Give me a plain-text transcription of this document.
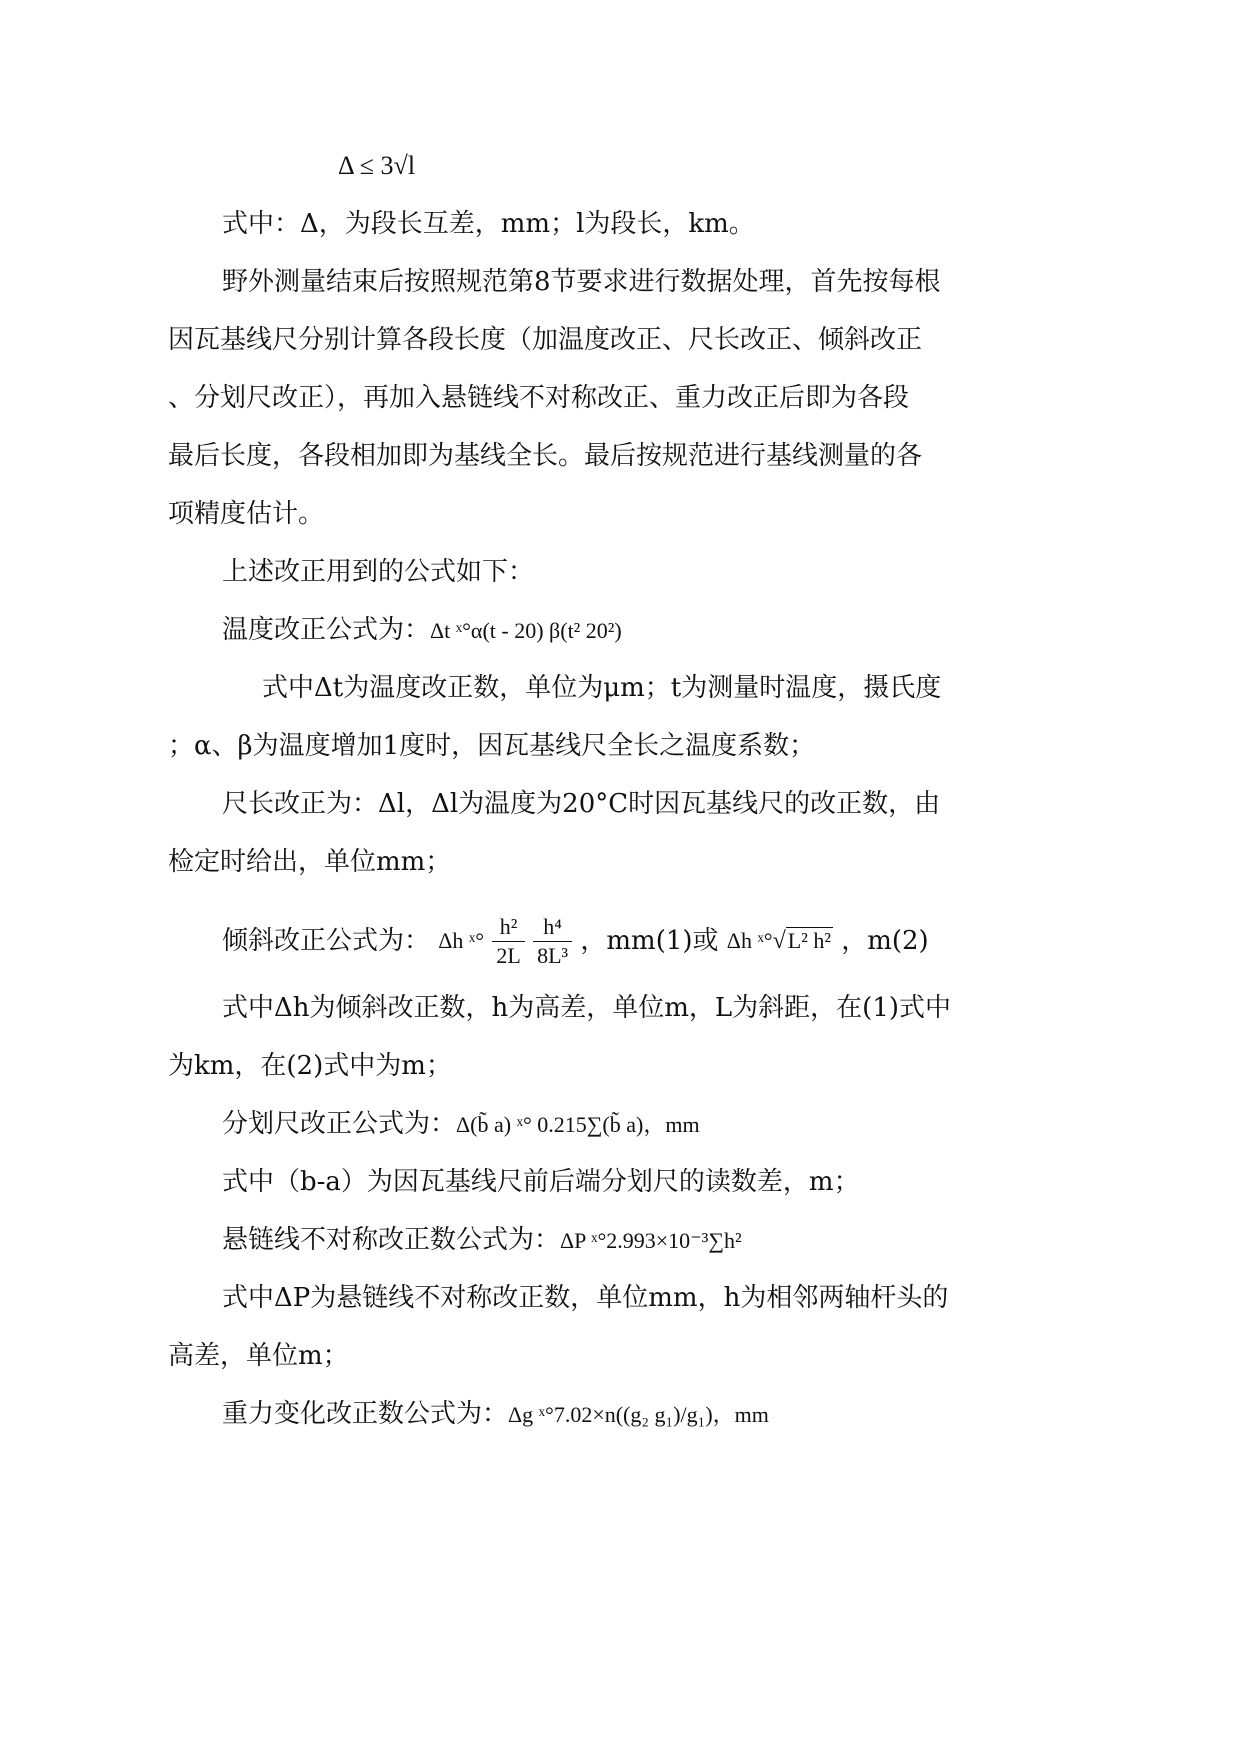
Δ ≤ 3√l
式中：Δ，为段长互差，mm；l为段长，km。
野外测量结束后按照规范第8节要求进行数据处理，首先按每根
因瓦基线尺分别计算各段长度（加温度改正、尺长改正、倾斜改正
、分划尺改正），再加入悬链线不对称改正、重力改正后即为各段
最后长度，各段相加即为基线全长。最后按规范进行基线测量的各
项精度估计。
上述改正用到的公式如下：
温度改正公式为：Δt ˣ°α(t - 20) β(t² 20²)
式中Δt为温度改正数，单位为μm；t为测量时温度，摄氏度
；α、β为温度增加1度时，因瓦基线尺全长之温度系数；
尺长改正为：Δl，Δl为温度为20°C时因瓦基线尺的改正数，由
检定时给出，单位mm；
倾斜改正公式为： Δh ˣ° $\frac{\text{h²}}{2L}$
$\frac{\text{h⁴}}{\text{8L³}}$ ，mm(1)或 Δh ˣ°√L² h² ，m(2)
式中Δh为倾斜改正数，h为高差，单位m，L为斜距，在(1)式中
为km，在(2)式中为m；
分划尺改正公式为：Δ(b̃ a) ˣ° 0.215∑(b̃ a)，mm
式中（b-a）为因瓦基线尺前后端分划尺的读数差，m；
悬链线不对称改正数公式为：ΔP ˣ°2.993×10⁻³∑h²
式中ΔP为悬链线不对称改正数，单位mm，h为相邻两轴杆头的
高差，单位m；
重力变化改正数公式为：Δg ˣ°7.02×n((g₂ g₁)/g₁)，mm
